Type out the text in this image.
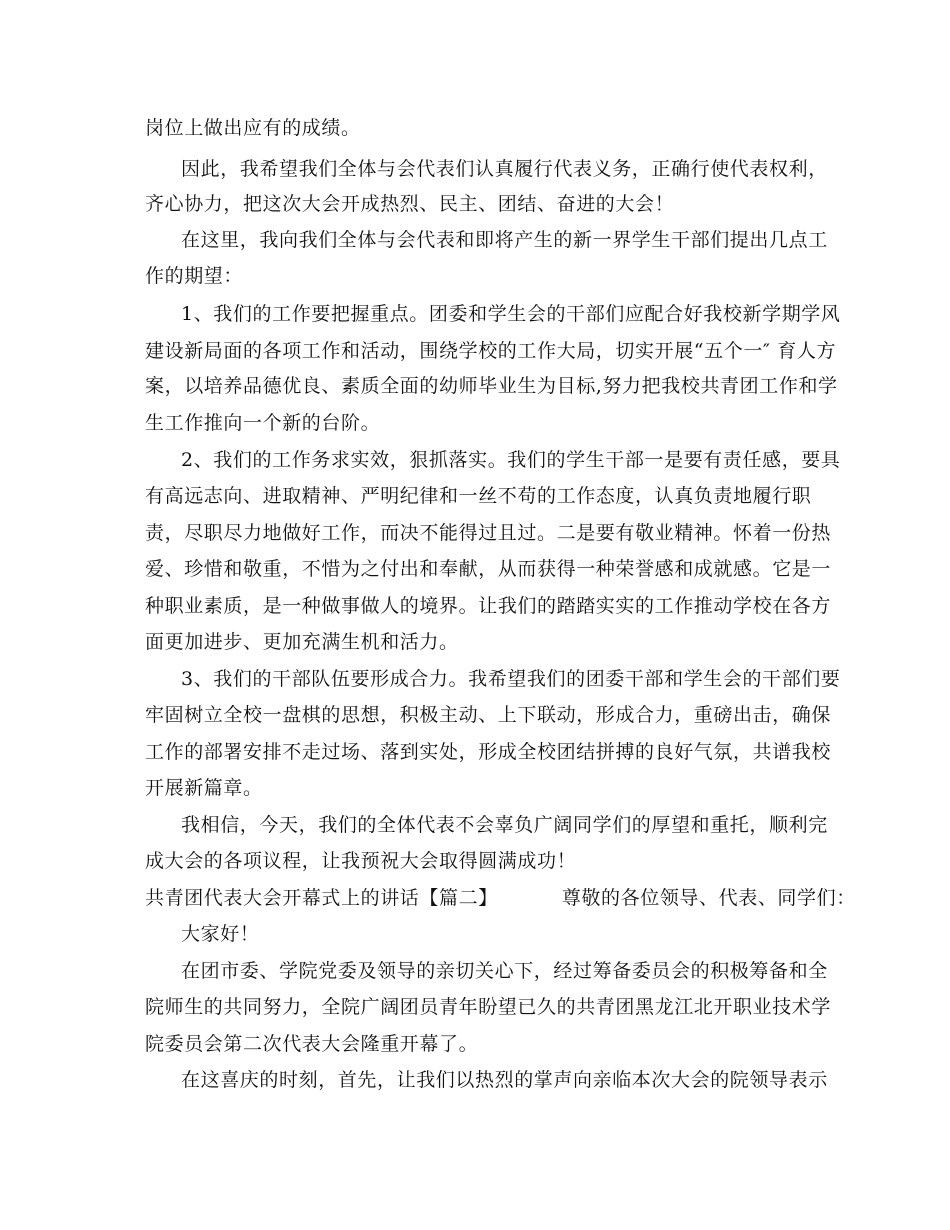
岗位上做出应有的成绩。
因此，我希望我们全体与会代表们认真履行代表义务，正确行使代表权利，
齐心协力，把这次大会开成热烈、民主、团结、奋进的大会！
在这里，我向我们全体与会代表和即将产生的新一界学生干部们提出几点工
作的期望：
1、我们的工作要把握重点。团委和学生会的干部们应配合好我校新学期学风
建设新局面的各项工作和活动，围绕学校的工作大局，切实开展“五个一″ 育人方
案，以培养品德优良、素质全面的幼师毕业生为目标,努力把我校共青团工作和学
生工作推向一个新的台阶。
2、我们的工作务求实效，狠抓落实。我们的学生干部一是要有责任感，要具
有高远志向、进取精神、严明纪律和一丝不苟的工作态度，认真负责地履行职
责，尽职尽力地做好工作，而决不能得过且过。二是要有敬业精神。怀着一份热
爱、珍惜和敬重，不惜为之付出和奉献，从而获得一种荣誉感和成就感。它是一
种职业素质，是一种做事做人的境界。让我们的踏踏实实的工作推动学校在各方
面更加进步、更加充满生机和活力。
3、我们的干部队伍要形成合力。我希望我们的团委干部和学生会的干部们要
牢固树立全校一盘棋的思想，积极主动、上下联动，形成合力，重磅出击，确保
工作的部署安排不走过场、落到实处，形成全校团结拼搏的良好气氛，共谱我校
开展新篇章。
我相信，今天，我们的全体代表不会辜负广阔同学们的厚望和重托，顺利完
成大会的各项议程，让我预祝大会取得圆满成功！
共青团代表大会开幕式上的讲话【篇二】	尊敬的各位领导、代表、同学们：
大家好！
在团市委、学院党委及领导的亲切关心下，经过筹备委员会的积极筹备和全
院师生的共同努力，全院广阔团员青年盼望已久的共青团黑龙江北开职业技术学
院委员会第二次代表大会隆重开幕了。
在这喜庆的时刻，首先，让我们以热烈的掌声向亲临本次大会的院领导表示
